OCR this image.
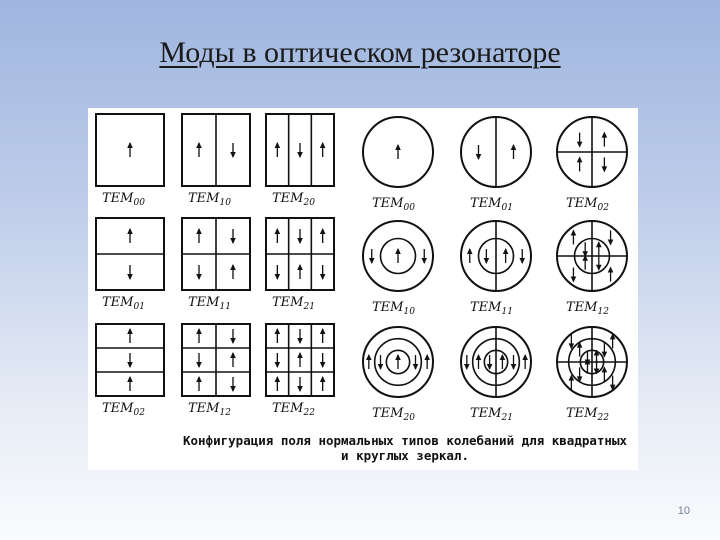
Моды в оптическом резонаторе
$TEM_{00}$	$TEM_{10}$	$TEM_{20}$
$TEM_{01}$	$TEM_{11}$	$TEM_{21}$
$TEM_{02}$	$TEM_{12}$	$TEM_{22}$
$TEM_{00}$	$TEM_{01}$	$TEM_{02}$
$TEM_{10}$	$TEM_{11}$	$TEM_{12}$
$TEM_{20}$	$TEM_{21}$	$TEM_{22}$
Конфигурация поля нормальных типов колебаний для квадратных и круглых зеркал.
10
